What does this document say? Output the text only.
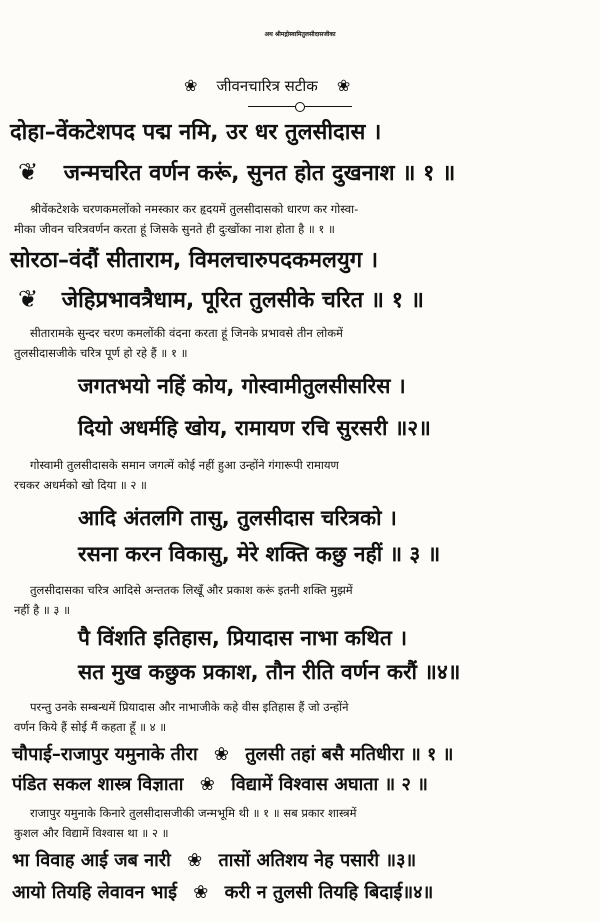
अथ श्रीमद्गोस्वामितुलसीदासजीका
❀ जीवनचारित्र सटीक ❀
दोहा–वेंकटेशपद पद्म नमि, उर धर तुलसीदास ।
❦ जन्मचरित वर्णन करूं, सुनत होत दुखनाश ॥ १ ॥
श्रीवेंकटेशके चरणकमलोंको नमस्कार कर हृदयमें तुलसीदासको धारण कर गोस्वा-
मीका जीवन चरित्रवर्णन करता हूं जिसके सुनते ही दुःखोंका नाश होता है ॥ १ ॥
सोरठा–वंदौं सीताराम, विमलचारुपदकमलयुग ।
❦ जेहिप्रभावत्रैधाम, पूरित तुलसीके चरित ॥ १ ॥
सीतारामके सुन्दर चरण कमलोंकी वंदना करता हूं जिनके प्रभावसे तीन लोकमें
तुलसीदासजीके चरित्र पूर्ण हो रहे हैं ॥ १ ॥
जगतभयो नहिं कोय, गोस्वामीतुलसीसरिस ।
दियो अधर्महि खोय, रामायण रचि सुरसरी ॥२॥
गोस्वामी तुलसीदासके समान जगत्में कोई नहीं हुआ उन्होंने गंगारूपी रामायण
रचकर अधर्मको खो दिया ॥ २ ॥
आदि अंतलगि तासु, तुलसीदास चरित्रको ।
रसना करन विकासु, मेरे शक्ति कछु नहीं ॥ ३ ॥
तुलसीदासका चरित्र आदिसे अन्ततक लिखूँ और प्रकाश करूं इतनी शक्ति मुझमें
नहीं है ॥ ३ ॥
पै विंशति इतिहास, प्रियादास नाभा कथित ।
सत मुख कछुक प्रकाश, तौन रीति वर्णन करौं ॥४॥
परन्तु उनके सम्बन्धमें प्रियादास और नाभाजीके कहे वीस इतिहास हैं जो उन्होंने
वर्णन किये हैं सोई मैं कहता हूँ ॥ ४ ॥
चौपाई–राजापुर यमुनाके तीरा ❀ तुलसी तहां बसै मतिधीरा ॥ १ ॥
पंडित सकल शास्त्र विज्ञाता ❀ विद्यामें विश्वास अघाता ॥ २ ॥
राजापुर यमुनाके किनारे तुलसीदासजीकी जन्मभूमि थी ॥ १ ॥ सब प्रकार शास्त्रमें
कुशल और विद्यामें विश्वास था ॥ २ ॥
भा विवाह आई जब नारी ❀ तासों अतिशय नेह पसारी ॥३॥
आयो तियहि लेवावन भाई ❀ करी न तुलसी तियहि बिदाई॥४॥
